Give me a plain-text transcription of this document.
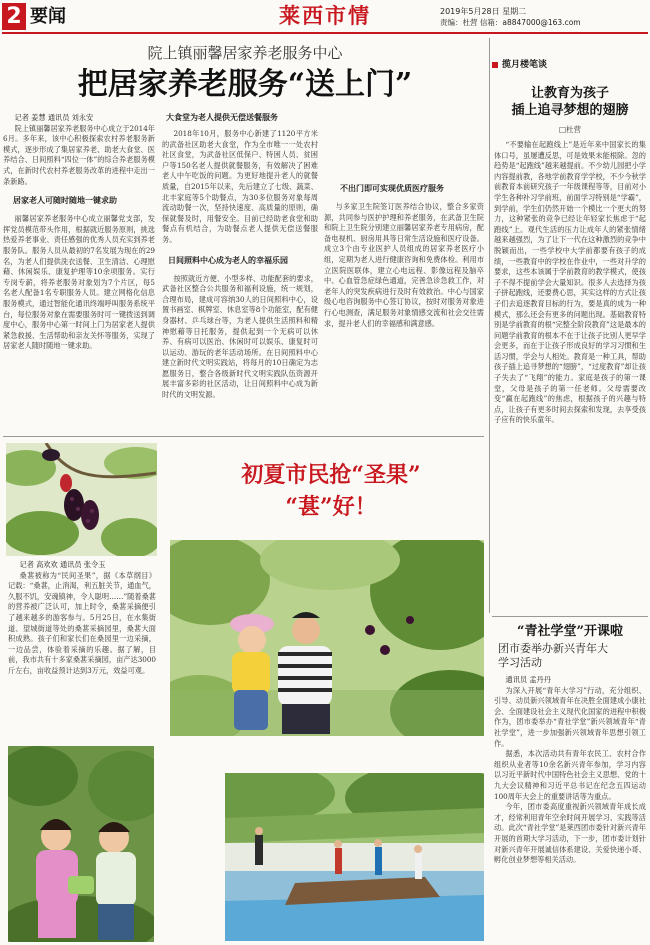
2 要闻	莱西市情	2019年5月28日 星期二
责编：杜营 信箱：a8847000@163.com
院上镇丽馨居家养老服务中心
把居家养老服务“送上门”

记者 姜慧 通讯员 刘永安

院上镇丽馨居家养老服务中心成立于2014年6月。多年来，该中心积极探索农村养老服务新模式，逐步形成了集居家养老、助老大食堂、医养结合、日间照料“四位一体”的综合养老服务模式，在新时代农村养老服务改革的进程中走出一条新路。

居家老人可随时随地一键求助

丽馨居家养老服务中心成立丽馨党支部，发挥党员模范带头作用，根据就近服务原则，挑选热爱养老事业、责任感强的优秀人员充实到养老服务队。服务人员从最初的7名发展为现在的29名，为老人们提供洗衣送餐、卫生清洁、心理慰藉、休闲娱乐、康复护理等10余项服务。实行专岗专薪，将养老服务对象划为7个片区，每5名老人配备1名专职服务人员。建立网格化信息服务模式，通过智能化通讯终端呼叫服务系统平台，每位服务对象在需要服务时可一键拨送到调度中心，服务中心第一时间上门为居家老人提供紧急救援、生活帮助和亲友关怀等服务，实现了居家老人随时随地一键求助。

大食堂为老人提供无偿送餐服务

2018年10月，服务中心新建了1120平方米的武备社区助老大食堂，作为全市唯一一处农村社区食堂，为武备社区低保户、特困人员、贫困户等150名老人提供就餐服务，有效解决了困难老人中午吃饭的问题。为更好地提升老人的就餐质量，自2015年以来，先后建立了七级、蔬菜、北丰家庭等5个助餐点，为30多位服务对象每周流动助餐一次，坚持快速度、高质量的原则，确保就餐及时，用餐安全。目前已经助老食堂和助餐点有机结合，为助餐点老人提供无偿送餐服务。

日间照料中心成为老人的幸福乐园

按照就近方便、小型多样、功能配套的要求，武备社区整合公共服务和福利设施，统一规划，合理布局，建成可容纳30人的日间照料中心，设置书画室、棋牌室、休息室等8个功能室，配有健身器材、乒乓球台等，为老人提供生活照料和精神慰藉等日托服务，提供起到一个无病可以休养、有病可以医治、休闲时可以娱乐、康复时可以运动、游玩的老年活动场所。在日间照料中心建立新时代文明实践站，将每月的10日确定为志愿服务日，整合各级新时代文明实践队伍资源开展丰富多彩的社区活动，让日间照料中心成为新时代的文明发源。

不出门即可实现优质医疗服务

与多家卫生院签订医养结合协议，整合多家资源，共同参与医护护理和养老服务，在武备卫生院和院上卫生院分别建立丽馨居家养老专用病房，配备电视机、厨房用具等日常生活设施和医疗设备。成立3个由专业医护人员组成的居家养老医疗小组，定期为老人进行健康咨询和免费体检。利用市立医院医联体，建立心电远程、影像远程及脑卒中、心血管急症绿色通道，完善急诊急救工作，对老年人的突发疾病进行及时有效救治。中心与国家级心电咨询服务中心签订协议，按时对服务对象进行心电测查，满足服务对象情感交流和社会交往需求，提升老人们的幸福感和满意感。

初夏市民抢“圣果”
“葚”好！

记者 高欢欢 通讯员 张令玉

桑葚被称为“民间圣果”，据《本草纲目》记载：“桑葚，止消渴，利五脏关节，通血气，久服不饥，安魂镇神，令人聪明……”随着桑葚的营养被广泛认可，加上时令，桑葚采摘便引了越来越多的游客参与。5月25日，在水集街道、望城街道等处的桑葚采摘园里，桑葚大面积成熟。孩子们和家长们在桑园里一边采摘，一边品尝，体验着采摘的乐趣。据了解，目前，我市共有十多家桑葚采摘园，亩产达3000斤左右，亩收益预计达到3万元，效益可观。

揽月楼笔谈
让教育为孩子
插上追寻梦想的翅膀
□杜营

“不要输在起跑线上”是近年来中国家长的集体口号，虽屡遭反思，可是效果未能根除。忽的趋势是“起跑线”越来越提前。不少幼儿园把小学内容提前教，各地学前教育学学校，不少今秋学前教育本前研究孩子一年级课程等等，目前对小学生各种补习学前班，前面学习特别是“学霸”，到学前，学生们仍然开始一个模比一个更大的努力，这种紧张的竞争已经让年轻家长焦虑于“起跑线”上。观代生活的压力让成年人的紧张情绪越来越强烈，为了让下一代在这种激烈的竞争中脱颖而出，一些学校中大学前都要有孩子的成绩，一些教育中的学校在作业中，一些对升学的要求，这些本该属于学前教育的教学模式，使孩子不得不提前学会大量知识。很多人去选择为孩子拼起跑线，还要费心思，其实这样的方式让孩子们去追逐教育目标的行为，要是真的成为一种模式，那么还会有更多的问题出现。基础教育特别是学前教育的根“完整全阶段教育”这是最本的问题学前教育的根本不在于让孩子比别人更早学会更多，而在于让孩子形成良好的学习习惯和生活习惯，学会与人相处。教育是一种工具，帮助孩子插上追寻梦想的“翅膀”，“过度教育”却让孩子失去了“飞翔”的能力。家庭是孩子的第一课堂，父母是孩子的第一任老师。父母需要改变“赢在起跑线”的焦虑，根据孩子的兴趣与特点，让孩子有更多时间去探索和发现，去享受孩子应有的快乐童年。

“青社学堂”开课啦
团市委举办新兴青年大
学习活动

通讯员 孟丹丹

为深入开展“青年大学习”行动，充分组织、引导、动员新兴领域青年在决胜全面建成小康社会、全面建设社会主义现代化国家的进程中积极作为，团市委举办“青社学堂”新兴领域青年“青社学堂”，进一步加强新兴领域青年思想引领工作。

据悉，本次活动共有青年农民工、农村合作组织从业者等10余名新兴青年参加，学习内容以习近平新时代中国特色社会主义思想、党的十九大会议精神和习近平总书记在纪念五四运动100周年大会上的重要讲话等为重点。

今年，团市委高度重视新兴领域青年成长成才，经常利用青年空余时间开展学习、实践等活动。此次“青社学堂”是莱西团市委针对新兴青年开展的首期大学习活动，下一步，团市委计划针对新兴青年开展诚信体系建设、关爱快递小哥、孵化创业梦想等相关活动。
